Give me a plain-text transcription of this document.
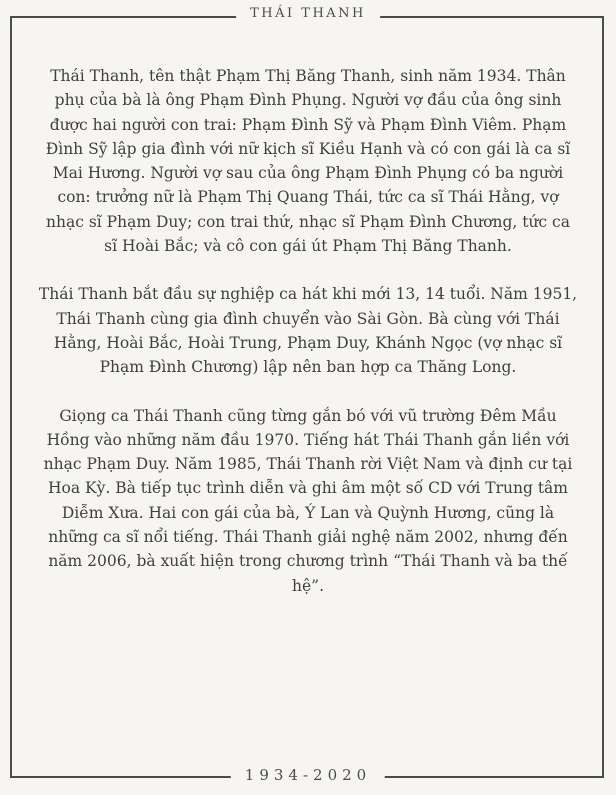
THÁI THANH

Thái Thanh, tên thật Phạm Thị Băng Thanh, sinh năm 1934. Thân phụ của bà là ông Phạm Đình Phụng. Người vợ đầu của ông sinh được hai người con trai: Phạm Đình Sỹ và Phạm Đình Viêm. Phạm Đình Sỹ lập gia đình với nữ kịch sĩ Kiều Hạnh và có con gái là ca sĩ Mai Hương. Người vợ sau của ông Phạm Đình Phụng có ba người con: trưởng nữ là Phạm Thị Quang Thái, tức ca sĩ Thái Hằng, vợ nhạc sĩ Phạm Duy; con trai thứ, nhạc sĩ Phạm Đình Chương, tức ca sĩ Hoài Bắc; và cô con gái út Phạm Thị Băng Thanh.

Thái Thanh bắt đầu sự nghiệp ca hát khi mới 13, 14 tuổi. Năm 1951, Thái Thanh cùng gia đình chuyển vào Sài Gòn. Bà cùng với Thái Hằng, Hoài Bắc, Hoài Trung, Phạm Duy, Khánh Ngọc (vợ nhạc sĩ Phạm Đình Chương) lập nên ban hợp ca Thăng Long.

Giọng ca Thái Thanh cũng từng gắn bó với vũ trường Đêm Mầu Hồng vào những năm đầu 1970. Tiếng hát Thái Thanh gắn liền với nhạc Phạm Duy. Năm 1985, Thái Thanh rời Việt Nam và định cư tại Hoa Kỳ. Bà tiếp tục trình diễn và ghi âm một số CD với Trung tâm Diễm Xưa. Hai con gái của bà, Ý Lan và Quỳnh Hương, cũng là những ca sĩ nổi tiếng. Thái Thanh giải nghệ năm 2002, nhưng đến năm 2006, bà xuất hiện trong chương trình “Thái Thanh và ba thế hệ”.

1934-2020
